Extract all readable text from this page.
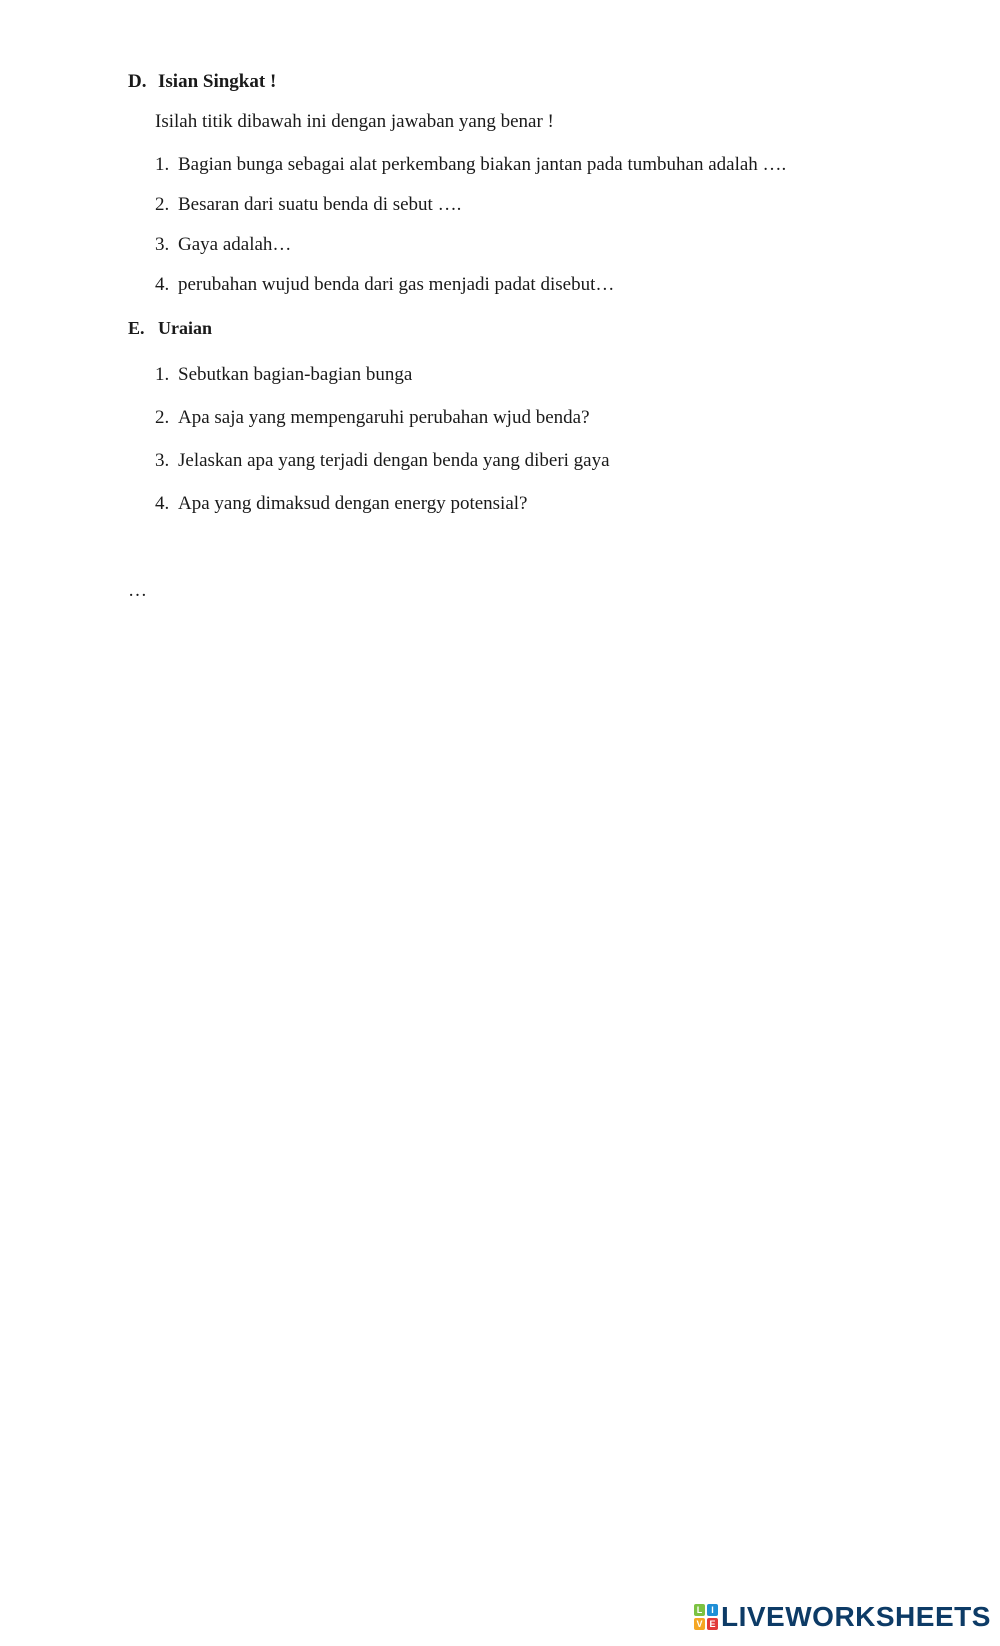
D. Isian Singkat !
Isilah titik dibawah ini dengan jawaban yang benar !
1. Bagian bunga sebagai alat perkembang biakan jantan pada tumbuhan adalah ….
2. Besaran dari suatu benda di sebut ….
3. Gaya adalah…
4. perubahan wujud benda dari gas menjadi padat disebut…
E. Uraian
1. Sebutkan bagian-bagian bunga
2. Apa saja yang mempengaruhi perubahan wjud benda?
3. Jelaskan apa yang terjadi dengan benda yang diberi gaya
4. Apa yang dimaksud dengan energy potensial?
…
L I
V E LIVEWORKSHEETS
